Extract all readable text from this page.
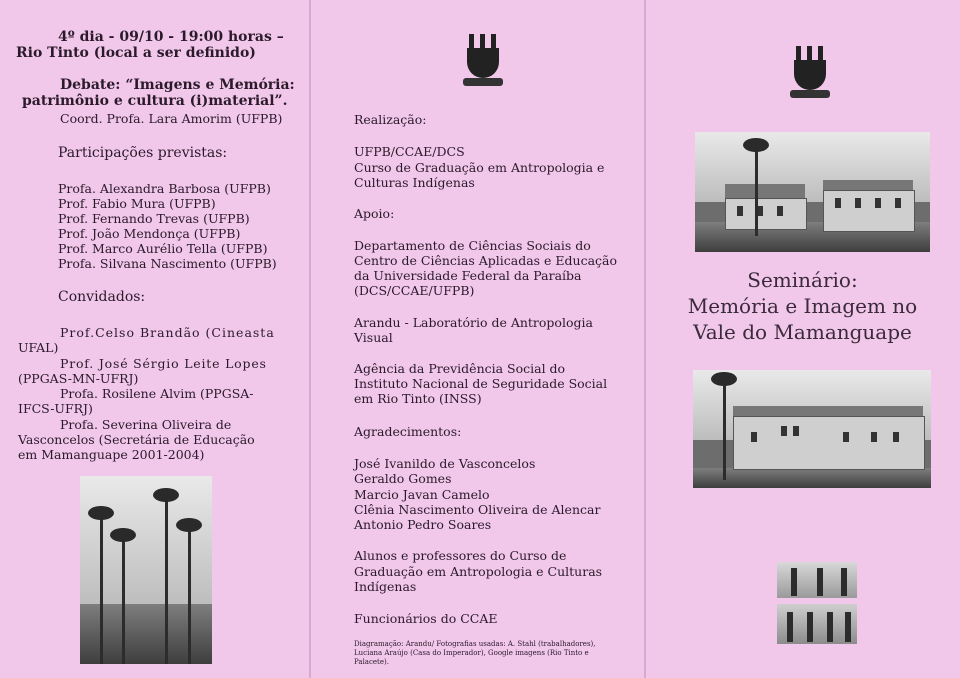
4º dia - 09/10 - 19:00 horas –
Rio Tinto (local a ser definido)
Debate: “Imagens e Memória:
patrimônio e cultura (i)material”.
Coord. Profa. Lara Amorim (UFPB)
Participações previstas:
Profa. Alexandra Barbosa (UFPB)
Prof. Fabio Mura (UFPB)
Prof. Fernando Trevas (UFPB)
Prof. João Mendonça (UFPB)
Prof. Marco Aurélio Tella (UFPB)
Profa. Silvana Nascimento (UFPB)
Convidados:
Prof.Celso Brandão (Cineasta
UFAL)
Prof. José Sérgio Leite Lopes
(PPGAS-MN-UFRJ)
Profa. Rosilene Alvim (PPGSA-
IFCS-UFRJ)
Profa. Severina Oliveira de
Vasconcelos (Secretária de Educação
em Mamanguape 2001-2004)
Realização:
UFPB/CCAE/DCS
Curso de Graduação em Antropologia e
Culturas Indígenas
Apoio:
Departamento de Ciências Sociais do
Centro de Ciências Aplicadas e Educação
da Universidade Federal da Paraíba
(DCS/CCAE/UFPB)
Arandu - Laboratório de Antropologia
Visual
Agência da Previdência Social do
Instituto Nacional de Seguridade Social
em Rio Tinto (INSS)
Agradecimentos:
José Ivanildo de Vasconcelos
Geraldo Gomes
Marcio Javan Camelo
Clênia Nascimento Oliveira de Alencar
Antonio Pedro Soares
Alunos e professores do Curso de
Graduação em Antropologia e Culturas
Indígenas
Funcionários do CCAE
Diagramação: Arandu/ Fotografias usadas: A. Stahl (trabalhadores), Luciana Araújo (Casa do Imperador), Google imagens (Rio Tinto e Palacete).
Seminário:
Memória e Imagem no
Vale do Mamanguape
